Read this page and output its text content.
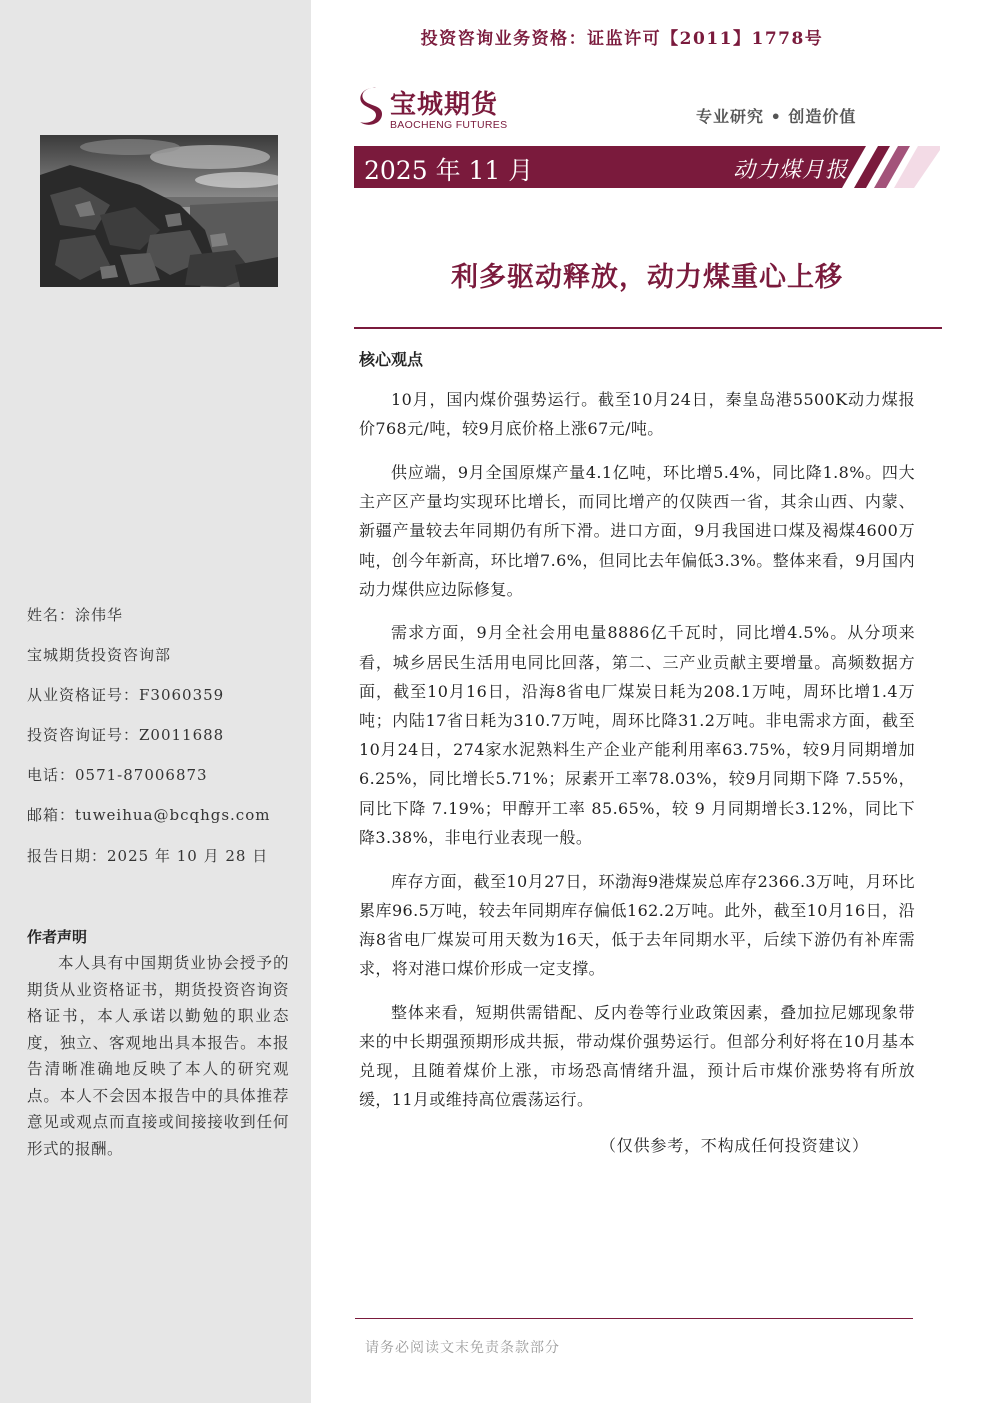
姓名：涂伟华
宝城期货投资咨询部
从业资格证号：F3060359
投资咨询证号：Z0011688
电话：0571-87006873
邮箱：tuweihua@bcqhgs.com
报告日期：2025 年 10 月 28 日
作者声明
本人具有中国期货业协会授予的期货从业资格证书，期货投资咨询资格证书，本人承诺以勤勉的职业态度，独立、客观地出具本报告。本报告清晰准确地反映了本人的研究观点。本人不会因本报告中的具体推荐意见或观点而直接或间接接收到任何形式的报酬。
投资咨询业务资格：证监许可【2011】1778号
宝城期货
BAOCHENG FUTURES	专业研究 • 创造价值
2025 年 11 月	动力煤月报
利多驱动释放，动力煤重心上移
核心观点

10月，国内煤价强势运行。截至10月24日，秦皇岛港5500K动力煤报价768元/吨，较9月底价格上涨67元/吨。

供应端，9月全国原煤产量4.1亿吨，环比增5.4%，同比降1.8%。四大主产区产量均实现环比增长，而同比增产的仅陕西一省，其余山西、内蒙、新疆产量较去年同期仍有所下滑。进口方面，9月我国进口煤及褐煤4600万吨，创今年新高，环比增7.6%，但同比去年偏低3.3%。整体来看，9月国内动力煤供应边际修复。

需求方面，9月全社会用电量8886亿千瓦时，同比增4.5%。从分项来看，城乡居民生活用电同比回落，第二、三产业贡献主要增量。高频数据方面，截至10月16日，沿海8省电厂煤炭日耗为208.1万吨，周环比增1.4万吨；内陆17省日耗为310.7万吨，周环比降31.2万吨。非电需求方面，截至10月24日，274家水泥熟料生产企业产能利用率63.75%，较9月同期增加6.25%，同比增长5.71%；尿素开工率78.03%，较9月同期下降 7.55%，同比下降 7.19%；甲醇开工率 85.65%，较 9 月同期增长3.12%，同比下降3.38%，非电行业表现一般。

库存方面，截至10月27日，环渤海9港煤炭总库存2366.3万吨，月环比累库96.5万吨，较去年同期库存偏低162.2万吨。此外，截至10月16日，沿海8省电厂煤炭可用天数为16天，低于去年同期水平，后续下游仍有补库需求，将对港口煤价形成一定支撑。

整体来看，短期供需错配、反内卷等行业政策因素，叠加拉尼娜现象带来的中长期强预期形成共振，带动煤价强势运行。但部分利好将在10月基本兑现，且随着煤价上涨，市场恐高情绪升温，预计后市煤价涨势将有所放缓，11月或维持高位震荡运行。

（仅供参考，不构成任何投资建议）
请务必阅读文末免责条款部分
